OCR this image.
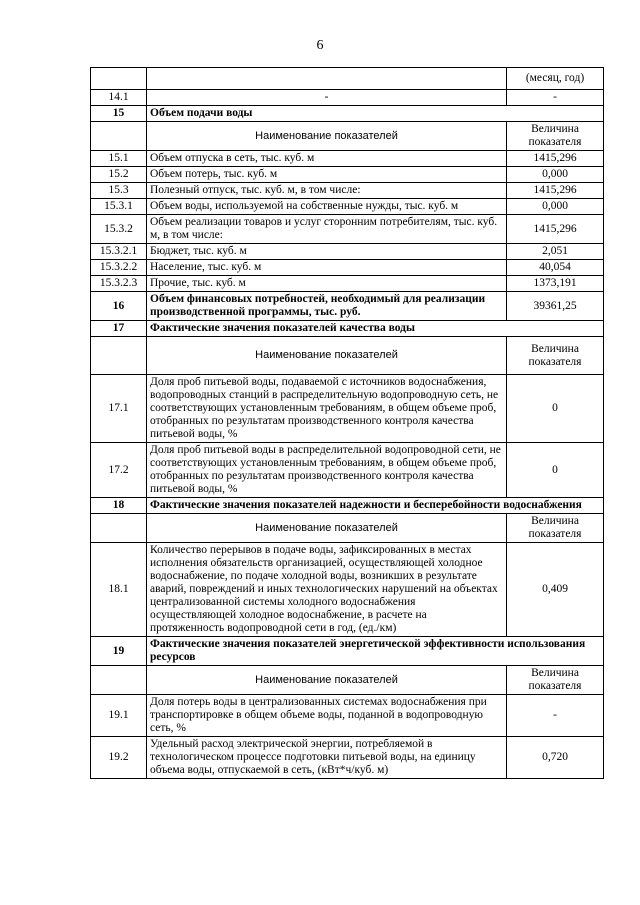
6
		(месяц, год)
14.1	-	-
15	Объем подачи воды	
	Наименование показателей	Величина показателя
15.1	Объем отпуска в сеть, тыс. куб. м	1415,296
15.2	Объем потерь, тыс. куб. м	0,000
15.3	Полезный отпуск, тыс. куб. м, в том числе:	1415,296
15.3.1	Объем воды, используемой на собственные нужды, тыс. куб. м	0,000
15.3.2	Объем реализации товаров и услуг сторонним потребителям, тыс. куб. м, в том числе:	1415,296
15.3.2.1	Бюджет, тыс. куб. м	2,051
15.3.2.2	Население, тыс. куб. м	40,054
15.3.2.3	Прочие, тыс. куб. м	1373,191
16	Объем финансовых потребностей, необходимый для реализации производственной программы, тыс. руб.	39361,25
17	Фактические значения показателей качества воды	
	Наименование показателей	Величина показателя
17.1	Доля проб питьевой воды, подаваемой с источников водоснабжения, водопроводных станций в распределительную водопроводную сеть, не соответствующих установленным требованиям, в общем объеме проб, отобранных по результатам производственного контроля качества питьевой воды, %	0
17.2	Доля проб питьевой воды в распределительной водопроводной сети, не соответствующих установленным требованиям, в общем объеме проб, отобранных по результатам производственного контроля качества питьевой воды, %	0
18	Фактические значения показателей надежности и бесперебойности водоснабжения	
	Наименование показателей	Величина показателя
18.1	Количество перерывов в подаче воды, зафиксированных в местах исполнения обязательств организацией, осуществляющей холодное водоснабжение, по подаче холодной воды, возникших в результате аварий, повреждений и иных технологических нарушений на объектах централизованной системы холодного водоснабжения осуществляющей холодное водоснабжение, в расчете на протяженность водопроводной сети в год, (ед./км)	0,409
19	Фактические значения показателей энергетической эффективности использования ресурсов	
	Наименование показателей	Величина показателя
19.1	Доля потерь воды в централизованных системах водоснабжения при транспортировке в общем объеме воды, поданной в водопроводную сеть, %	-
19.2	Удельный расход электрической энергии, потребляемой в технологическом процессе подготовки питьевой воды, на единицу объема воды, отпускаемой в сеть, (кВт*ч/куб. м)	0,720
